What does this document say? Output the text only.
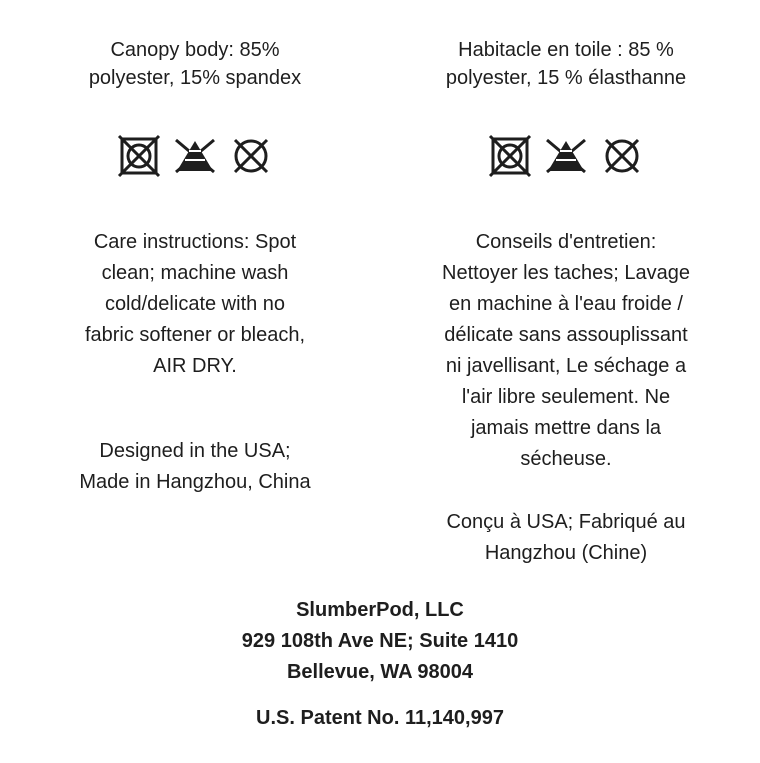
Canopy body: 85%
polyester, 15% spandex
Care instructions: Spot
clean; machine wash
cold/delicate with no
fabric softener or bleach,
AIR DRY.
Designed in the USA;
Made in Hangzhou, China
Habitacle en toile : 85 %
polyester, 15 % élasthanne
Conseils d'entretien:
Nettoyer les taches; Lavage
en machine à l'eau froide /
délicate sans assouplissant
ni javellisant, Le séchage a
l'air libre seulement. Ne
jamais mettre dans la
sécheuse.
Conçu à USA; Fabriqué au
Hangzhou (Chine)
SlumberPod, LLC
929 108th Ave NE; Suite 1410
Bellevue, WA 98004
U.S. Patent No. 11,140,997
